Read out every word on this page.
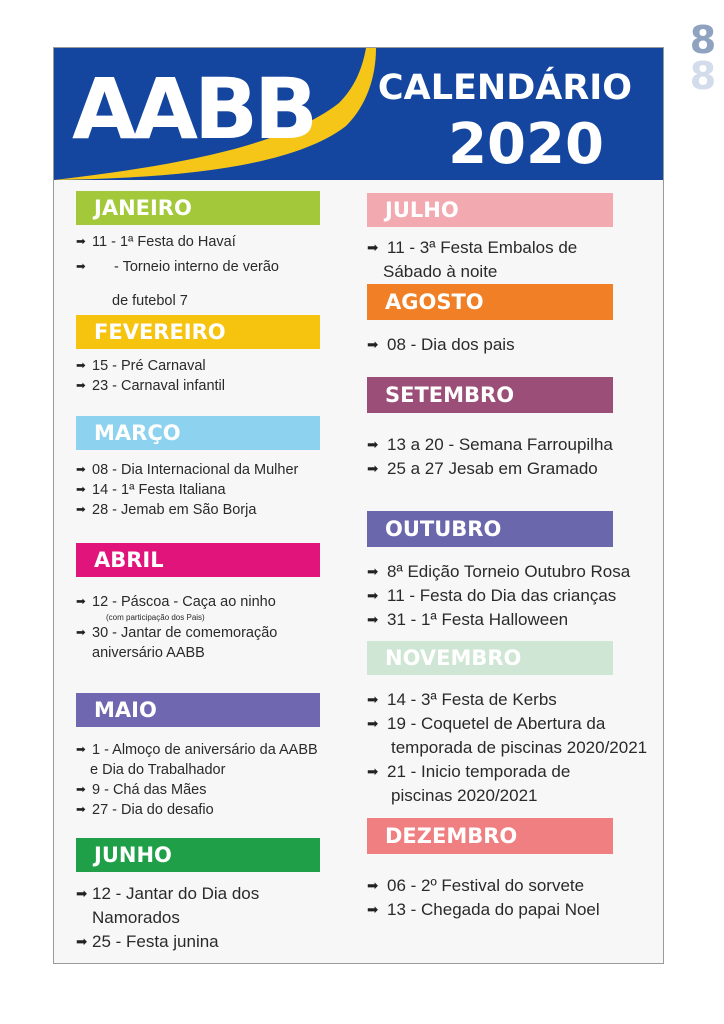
8
8
AABB	CALENDÁRIO
2020
JANEIRO
➡ 11 - 1ª Festa do Havaí
➡ - Torneio interno de verão
de futebol 7
FEVEREIRO
➡ 15 - Pré Carnaval
➡ 23 - Carnaval infantil
MARÇO
➡ 08 - Dia Internacional da Mulher
➡ 14 - 1ª Festa Italiana
➡ 28 - Jemab em São Borja
ABRIL
➡ 12 - Páscoa - Caça ao ninho
(com participação dos Pais)
➡ 30 - Jantar de comemoração
aniversário AABB
MAIO
➡ 1 - Almoço de aniversário da AABB
e Dia do Trabalhador
➡ 9 - Chá das Mães
➡ 27 - Dia do desafio
JUNHO
➡ 12 - Jantar do Dia dos
Namorados
➡ 25 - Festa junina
JULHO
➡ 11 - 3ª Festa Embalos de
Sábado à noite
AGOSTO
➡ 08 - Dia dos pais
SETEMBRO
➡ 13 a 20 - Semana Farroupilha
➡ 25 a 27 Jesab em Gramado
OUTUBRO
➡ 8ª Edição Torneio Outubro Rosa
➡ 11 - Festa do Dia das crianças
➡ 31 - 1ª Festa Halloween
NOVEMBRO
➡ 14 - 3ª Festa de Kerbs
➡ 19 - Coquetel de Abertura da
temporada de piscinas 2020/2021
➡ 21 - Inicio temporada de
piscinas 2020/2021
DEZEMBRO
➡ 06 - 2º Festival do sorvete
➡ 13 - Chegada do papai Noel
